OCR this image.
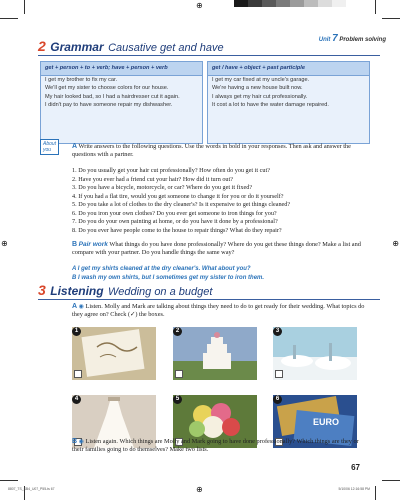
⊕
⊕	⊕
⊕
Unit 7 Problem solving
2 Grammar Causative get and have
get + person + to + verb; have + person + verb
I get my brother to fix my car.
We'll get my sister to choose colors for our house.
My hair looked bad, so I had a hairdresser cut it again.
I didn't pay to have someone repair my dishwasher.
get / have + object + past participle
I get my car fixed at my uncle's garage.
We're having a new house built now.
I always get my hair cut professionally.
It cost a lot to have the water damage repaired.
About
you	A Write answers to the following questions. Use the words in bold in your responses. Then ask and answer the questions with a partner.
1. Do you usually get your hair cut professionally? How often do you get it cut?
2. Have you ever had a friend cut your hair? How did it turn out?
3. Do you have a bicycle, motorcycle, or car? Where do you get it fixed?
4. If you had a flat tire, would you get someone to change it for you or do it yourself?
5. Do you take a lot of clothes to the dry cleaner's? Is it expensive to get things cleaned?
6. Do you iron your own clothes? Do you ever get someone to iron things for you?
7. Do you do your own painting at home, or do you have it done by a professional?
8. Do you ever have people come to the house to repair things? What do they repair?
B Pair work What things do you have done professionally? Where do you get these things done? Make a list and compare with your partner. Do you handle things the same way?
A I get my shirts cleaned at the dry cleaner's. What about you?
B I wash my own shirts, but I sometimes get my sister to iron them.
3 Listening Wedding on a budget
A ◉ Listen. Molly and Mark are talking about things they need to do to get ready for their wedding. What topics do they agree on? Check (✓) the boxes.
1	2	3
4	5
EURO
6
B ◉ Listen again. Which things are Molly and Mark going to have done professionally? Which things are they or their families going to do themselves? Make two lists.
67
8807_TS_SB4_U07_P55-ts 67	5/10/06 12:16:58 PM
